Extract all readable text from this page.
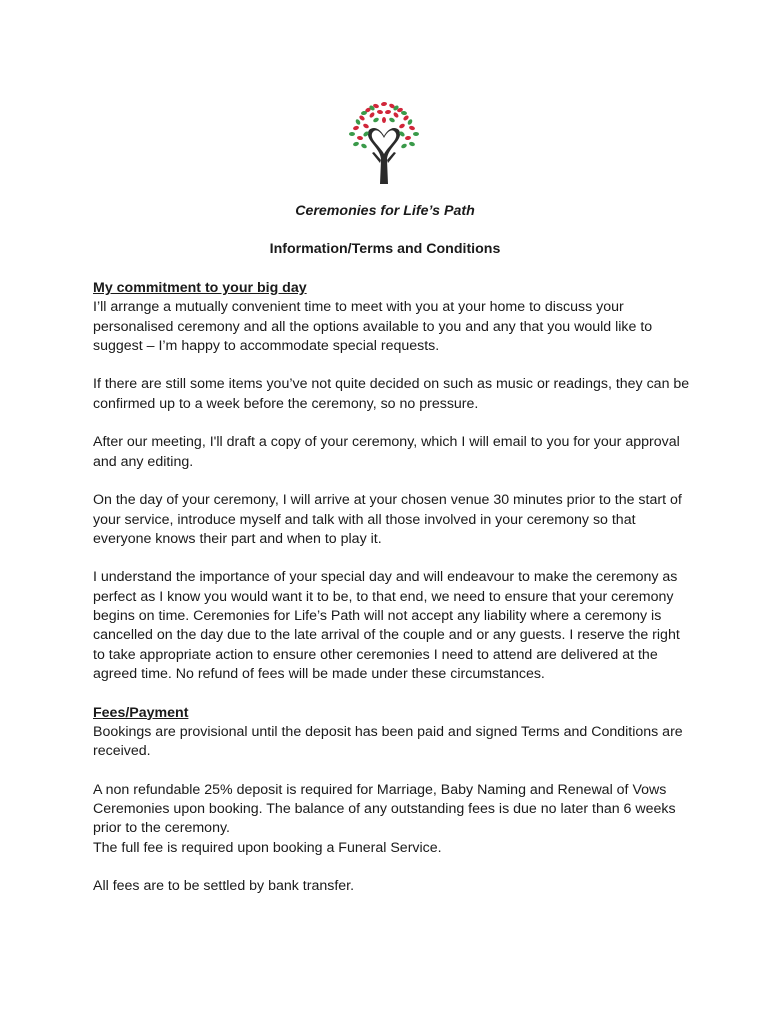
Ceremonies for Life’s Path
Information/Terms and Conditions

My commitment to your big day
I’ll arrange a mutually convenient time to meet with you at your home to discuss your personalised ceremony and all the options available to you and any that you would like to suggest – I’m happy to accommodate special requests.

If there are still some items you’ve not quite decided on such as music or readings, they can be confirmed up to a week before the ceremony, so no pressure.

After our meeting, I'll draft a copy of your ceremony, which I will email to you for your approval and any editing.

On the day of your ceremony, I will arrive at your chosen venue 30 minutes prior to the start of your service, introduce myself and talk with all those involved in your ceremony so that everyone knows their part and when to play it.

I understand the importance of your special day and will endeavour to make the ceremony as perfect as I know you would want it to be, to that end, we need to ensure that your ceremony begins on time. Ceremonies for Life’s Path will not accept any liability where a ceremony is cancelled on the day due to the late arrival of the couple and or any guests. I reserve the right to take appropriate action to ensure other ceremonies I need to attend are delivered at the agreed time. No refund of fees will be made under these circumstances.

Fees/Payment
Bookings are provisional until the deposit has been paid and signed Terms and Conditions are received.

A non refundable 25% deposit is required for Marriage, Baby Naming and Renewal of Vows Ceremonies upon booking. The balance of any outstanding fees is due no later than 6 weeks prior to the ceremony.

The full fee is required upon booking a Funeral Service.

All fees are to be settled by bank transfer.
